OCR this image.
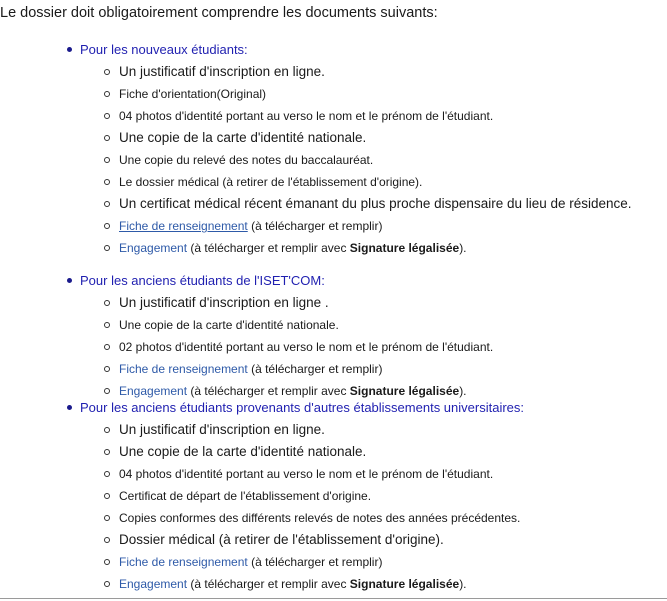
Le dossier doit obligatoirement comprendre les documents suivants:
Pour les nouveaux étudiants:
Un justificatif d'inscription en ligne.
Fiche d'orientation(Original)
04 photos d'identité portant au verso le nom et le prénom de l'étudiant.
Une copie de la carte d'identité nationale.
Une copie du relevé des notes du baccalauréat.
Le dossier médical (à retirer de l'établissement d'origine).
Un certificat médical récent émanant du plus proche dispensaire du lieu de résidence.
Fiche de renseignement (à télécharger et remplir)
Engagement (à télécharger et remplir avec Signature légalisée).
Pour les anciens étudiants de l'ISET'COM:
Un justificatif d'inscription en ligne .
Une copie de la carte d'identité nationale.
02 photos d'identité portant au verso le nom et le prénom de l'étudiant.
Fiche de renseignement (à télécharger et remplir)
Engagement (à télécharger et remplir avec Signature légalisée).
Pour les anciens étudiants provenants d'autres établissements universitaires:
Un justificatif d'inscription en ligne.
Une copie de la carte d'identité nationale.
04 photos d'identité portant au verso le nom et le prénom de l'étudiant.
Certificat de départ de l'établissement d'origine.
Copies conformes des différents relevés de notes des années précédentes.
Dossier médical (à retirer de l'établissement d'origine).
Fiche de renseignement (à télécharger et remplir)
Engagement (à télécharger et remplir avec Signature légalisée).
